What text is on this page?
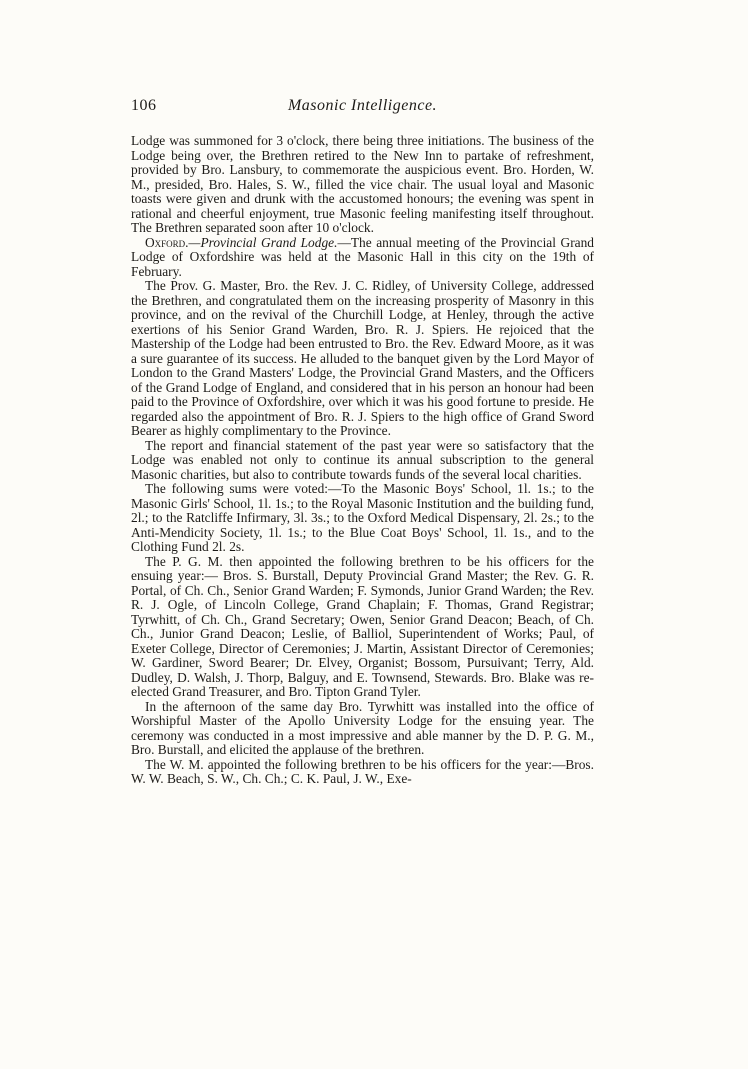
106	Masonic Intelligence.

Lodge was summoned for 3 o'clock, there being three initiations. The business of the Lodge being over, the Brethren retired to the New Inn to partake of refreshment, provided by Bro. Lansbury, to commemorate the auspicious event. Bro. Horden, W. M., presided, Bro. Hales, S. W., filled the vice chair. The usual loyal and Masonic toasts were given and drunk with the accustomed honours; the evening was spent in rational and cheerful enjoyment, true Masonic feeling manifesting itself throughout. The Brethren separated soon after 10 o'clock.

Oxford.—Provincial Grand Lodge.—The annual meeting of the Provincial Grand Lodge of Oxfordshire was held at the Masonic Hall in this city on the 19th of February.

The Prov. G. Master, Bro. the Rev. J. C. Ridley, of University College, addressed the Brethren, and congratulated them on the increasing prosperity of Masonry in this province, and on the revival of the Churchill Lodge, at Henley, through the active exertions of his Senior Grand Warden, Bro. R. J. Spiers. He rejoiced that the Mastership of the Lodge had been entrusted to Bro. the Rev. Edward Moore, as it was a sure guarantee of its success. He alluded to the banquet given by the Lord Mayor of London to the Grand Masters' Lodge, the Provincial Grand Masters, and the Officers of the Grand Lodge of England, and considered that in his person an honour had been paid to the Province of Oxfordshire, over which it was his good fortune to preside. He regarded also the appointment of Bro. R. J. Spiers to the high office of Grand Sword Bearer as highly complimentary to the Province.

The report and financial statement of the past year were so satisfactory that the Lodge was enabled not only to continue its annual subscription to the general Masonic charities, but also to contribute towards funds of the several local charities.

The following sums were voted:—To the Masonic Boys' School, 1l. 1s.; to the Masonic Girls' School, 1l. 1s.; to the Royal Masonic Institution and the building fund, 2l.; to the Ratcliffe Infirmary, 3l. 3s.; to the Oxford Medical Dispensary, 2l. 2s.; to the Anti-Mendicity Society, 1l. 1s.; to the Blue Coat Boys' School, 1l. 1s., and to the Clothing Fund 2l. 2s.

The P. G. M. then appointed the following brethren to be his officers for the ensuing year:— Bros. S. Burstall, Deputy Provincial Grand Master; the Rev. G. R. Portal, of Ch. Ch., Senior Grand Warden; F. Symonds, Junior Grand Warden; the Rev. R. J. Ogle, of Lincoln College, Grand Chaplain; F. Thomas, Grand Registrar; Tyrwhitt, of Ch. Ch., Grand Secretary; Owen, Senior Grand Deacon; Beach, of Ch. Ch., Junior Grand Deacon; Leslie, of Balliol, Superintendent of Works; Paul, of Exeter College, Director of Ceremonies; J. Martin, Assistant Director of Ceremonies; W. Gardiner, Sword Bearer; Dr. Elvey, Organist; Bossom, Pursuivant; Terry, Ald. Dudley, D. Walsh, J. Thorp, Balguy, and E. Townsend, Stewards. Bro. Blake was re-elected Grand Treasurer, and Bro. Tipton Grand Tyler.

In the afternoon of the same day Bro. Tyrwhitt was installed into the office of Worshipful Master of the Apollo University Lodge for the ensuing year. The ceremony was conducted in a most impressive and able manner by the D. P. G. M., Bro. Burstall, and elicited the applause of the brethren.

The W. M. appointed the following brethren to be his officers for the year:—Bros. W. W. Beach, S. W., Ch. Ch.; C. K. Paul, J. W., Exe-
